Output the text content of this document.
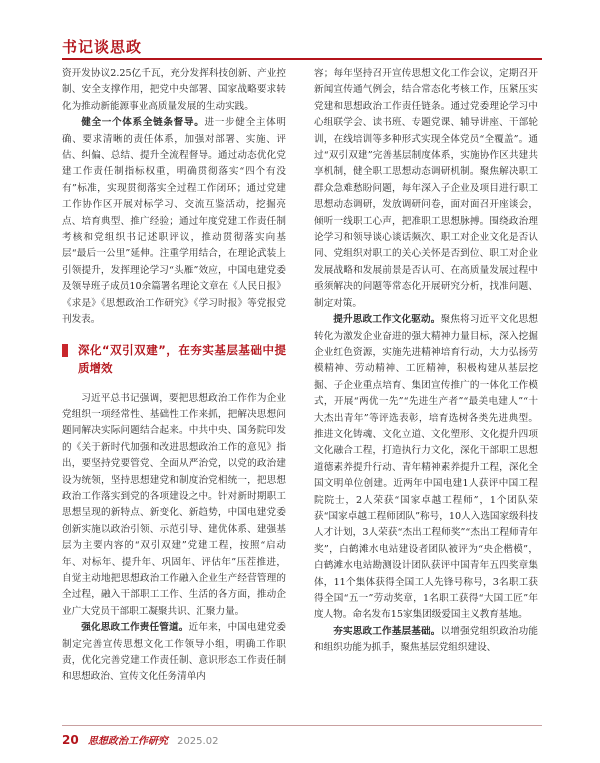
书记谈思政

资开发协议2.25亿千瓦，充分发挥科技创新、产业控制、安全支撑作用，把党中央部署、国家战略要求转化为推动新能源事业高质量发展的生动实践。

健全一个体系全链条督导。进一步健全主体明确、要求清晰的责任体系，加强对部署、实施、评估、纠偏、总结、提升全流程督导。通过动态优化党建工作责任制指标权重，明确贯彻落实“四个有没有”标准，实现贯彻落实全过程工作闭环；通过党建工作协作区开展对标学习、交流互鉴活动，挖掘亮点、培育典型、推广经验；通过年度党建工作责任制考核和党组织书记述职评议，推动贯彻落实向基层“最后一公里”延伸。注重学用结合，在理论武装上引领提升，发挥理论学习“头雁”效应，中国电建党委及领导班子成员10余篇署名理论文章在《人民日报》《求是》《思想政治工作研究》《学习时报》等党报党刊发表。

深化“双引双建”，在夯实基层基础中提质增效

习近平总书记强调，要把思想政治工作作为企业党组织一项经常性、基础性工作来抓，把解决思想问题同解决实际问题结合起来。中共中央、国务院印发的《关于新时代加强和改进思想政治工作的意见》指出，要坚持党要管党、全面从严治党，以党的政治建设为统领，坚持思想建党和制度治党相统一，把思想政治工作落实到党的各项建设之中。针对新时期职工思想呈现的新特点、新变化、新趋势，中国电建党委创新实施以政治引领、示范引导、建优体系、建强基层为主要内容的“双引双建”党建工程，按照“启动年、对标年、提升年、巩固年、评估年”压茬推进，自觉主动地把思想政治工作融入企业生产经营管理的全过程，融入干部职工工作、生活的各方面，推动企业广大党员干部职工凝聚共识、汇聚力量。

强化思政工作责任管道。近年来，中国电建党委制定完善宣传思想文化工作领导小组，明确工作职责，优化完善党建工作责任制、意识形态工作责任制和思想政治、宣传文化任务清单内

容；每年坚持召开宣传思想文化工作会议，定期召开新闻宣传通气例会，结合常态化考核工作，压紧压实党建和思想政治工作责任链条。通过党委理论学习中心组联学会、读书班、专题党课、辅导讲座、干部轮训，在线培训等多种形式实现全体党员“全覆盖”。通过“双引双建”完善基层制度体系，实施协作区共建共享机制，健全职工思想动态调研机制。聚焦解决职工群众急难愁盼问题，每年深入子企业及项目进行职工思想动态调研，发放调研问卷，面对面召开座谈会，倾听一线职工心声，把准职工思想脉搏。围绕政治理论学习和领导谈心谈话频次、职工对企业文化是否认同、党组织对职工的关心关怀是否到位、职工对企业发展战略和发展前景是否认可、在高质量发展过程中亟须解决的问题等常态化开展研究分析，找准问题、制定对策。

提升思政工作文化驱动。聚焦将习近平文化思想转化为激发企业奋进的强大精神力量目标，深入挖掘企业红色资源，实施先进精神培育行动，大力弘扬劳模精神、劳动精神、工匠精神，积极构建从基层挖掘、子企业重点培育、集团宣传推广的一体化工作模式，开展“两优一先”“先进生产者”“最美电建人”“十大杰出青年”等评选表彰，培育选树各类先进典型。推进文化铸魂、文化立道、文化塑形、文化提升四项文化融合工程，打造执行力文化，深化干部职工思想道德素养提升行动、青年精神素养提升工程，深化全国文明单位创建。近两年中国电建1人获评中国工程院院士，2人荣获“国家卓越工程师”，1个团队荣获“国家卓越工程师团队”称号，10人入选国家级科技人才计划，3人荣获“杰出工程师奖”“杰出工程师青年奖”，白鹤滩水电站建设者团队被评为“央企楷模”，白鹤滩水电站勘测设计团队获评中国青年五四奖章集体，11个集体获得全国工人先锋号称号，3名职工获得全国“五一”劳动奖章，1名职工获得“大国工匠”年度人物。命名发布15家集团级爱国主义教育基地。

夯实思政工作基层基础。以增强党组织政治功能和组织功能为抓手，聚焦基层党组织建设、

20 思想政治工作研究 2025.02
